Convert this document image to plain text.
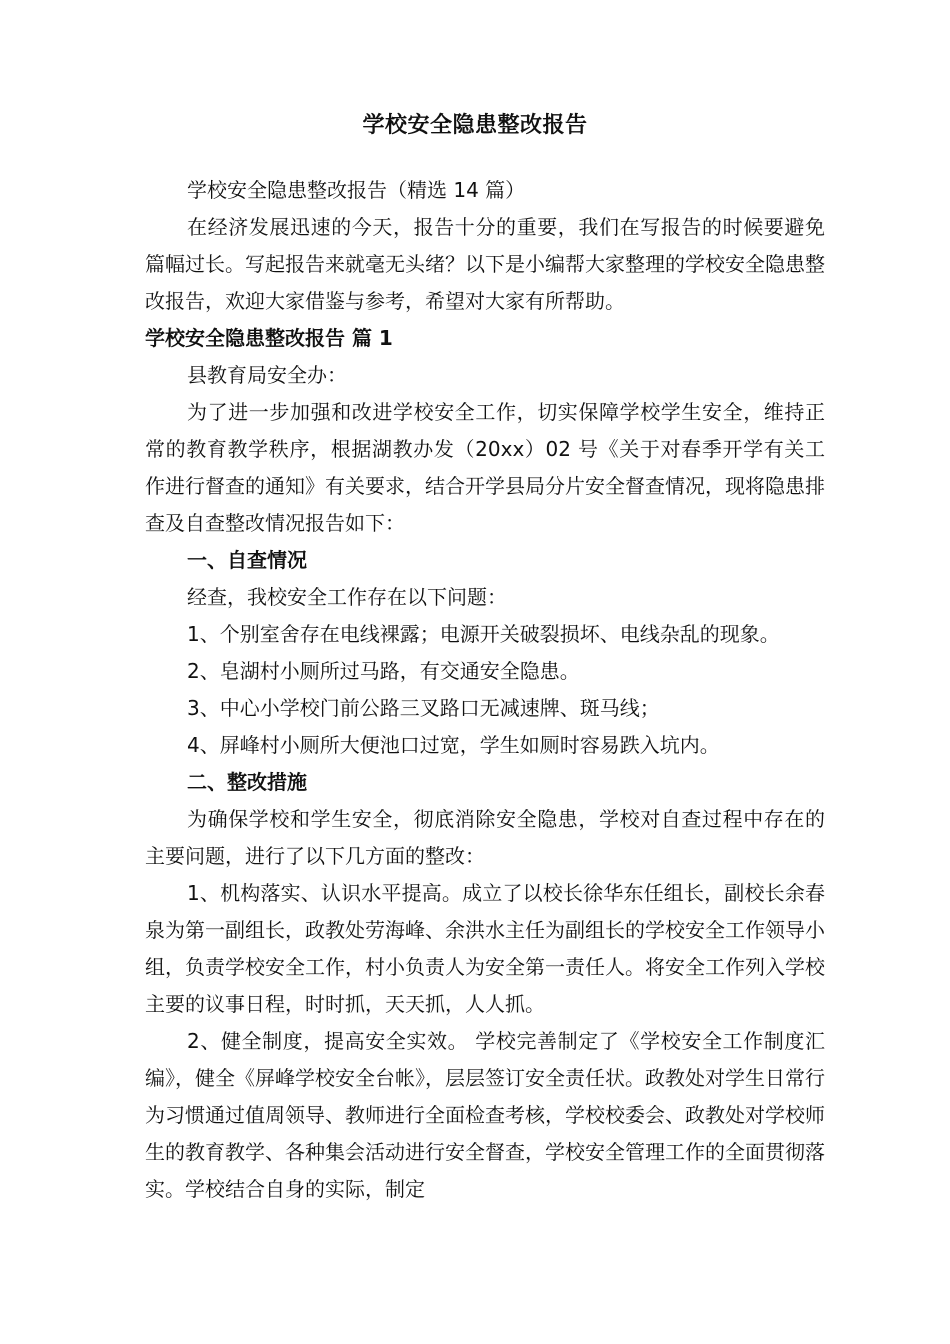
学校安全隐患整改报告

学校安全隐患整改报告（精选 14 篇）

在经济发展迅速的今天，报告十分的重要，我们在写报告的时候要避免篇幅过长。写起报告来就毫无头绪？以下是小编帮大家整理的学校安全隐患整改报告，欢迎大家借鉴与参考，希望对大家有所帮助。

学校安全隐患整改报告 篇 1

县教育局安全办：

为了进一步加强和改进学校安全工作，切实保障学校学生安全，维持正常的教育教学秩序，根据湖教办发（20xx）02 号《关于对春季开学有关工作进行督查的通知》有关要求，结合开学县局分片安全督查情况，现将隐患排查及自查整改情况报告如下：

一、自查情况

经查，我校安全工作存在以下问题：

1、个别室舍存在电线裸露；电源开关破裂损坏、电线杂乱的现象。

2、皂湖村小厕所过马路，有交通安全隐患。

3、中心小学校门前公路三叉路口无减速牌、斑马线；

4、屏峰村小厕所大便池口过宽，学生如厕时容易跌入坑内。

二、整改措施

为确保学校和学生安全，彻底消除安全隐患，学校对自查过程中存在的主要问题，进行了以下几方面的整改：

1、机构落实、认识水平提高。成立了以校长徐华东任组长，副校长余春泉为第一副组长，政教处劳海峰、余洪水主任为副组长的学校安全工作领导小组，负责学校安全工作，村小负责人为安全第一责任人。将安全工作列入学校主要的议事日程，时时抓，天天抓，人人抓。

2、健全制度，提高安全实效。 学校完善制定了《学校安全工作制度汇编》，健全《屏峰学校安全台帐》，层层签订安全责任状。政教处对学生日常行为习惯通过值周领导、教师进行全面检查考核，学校校委会、政教处对学校师生的教育教学、各种集会活动进行安全督查，学校安全管理工作的全面贯彻落实。学校结合自身的实际，制定
